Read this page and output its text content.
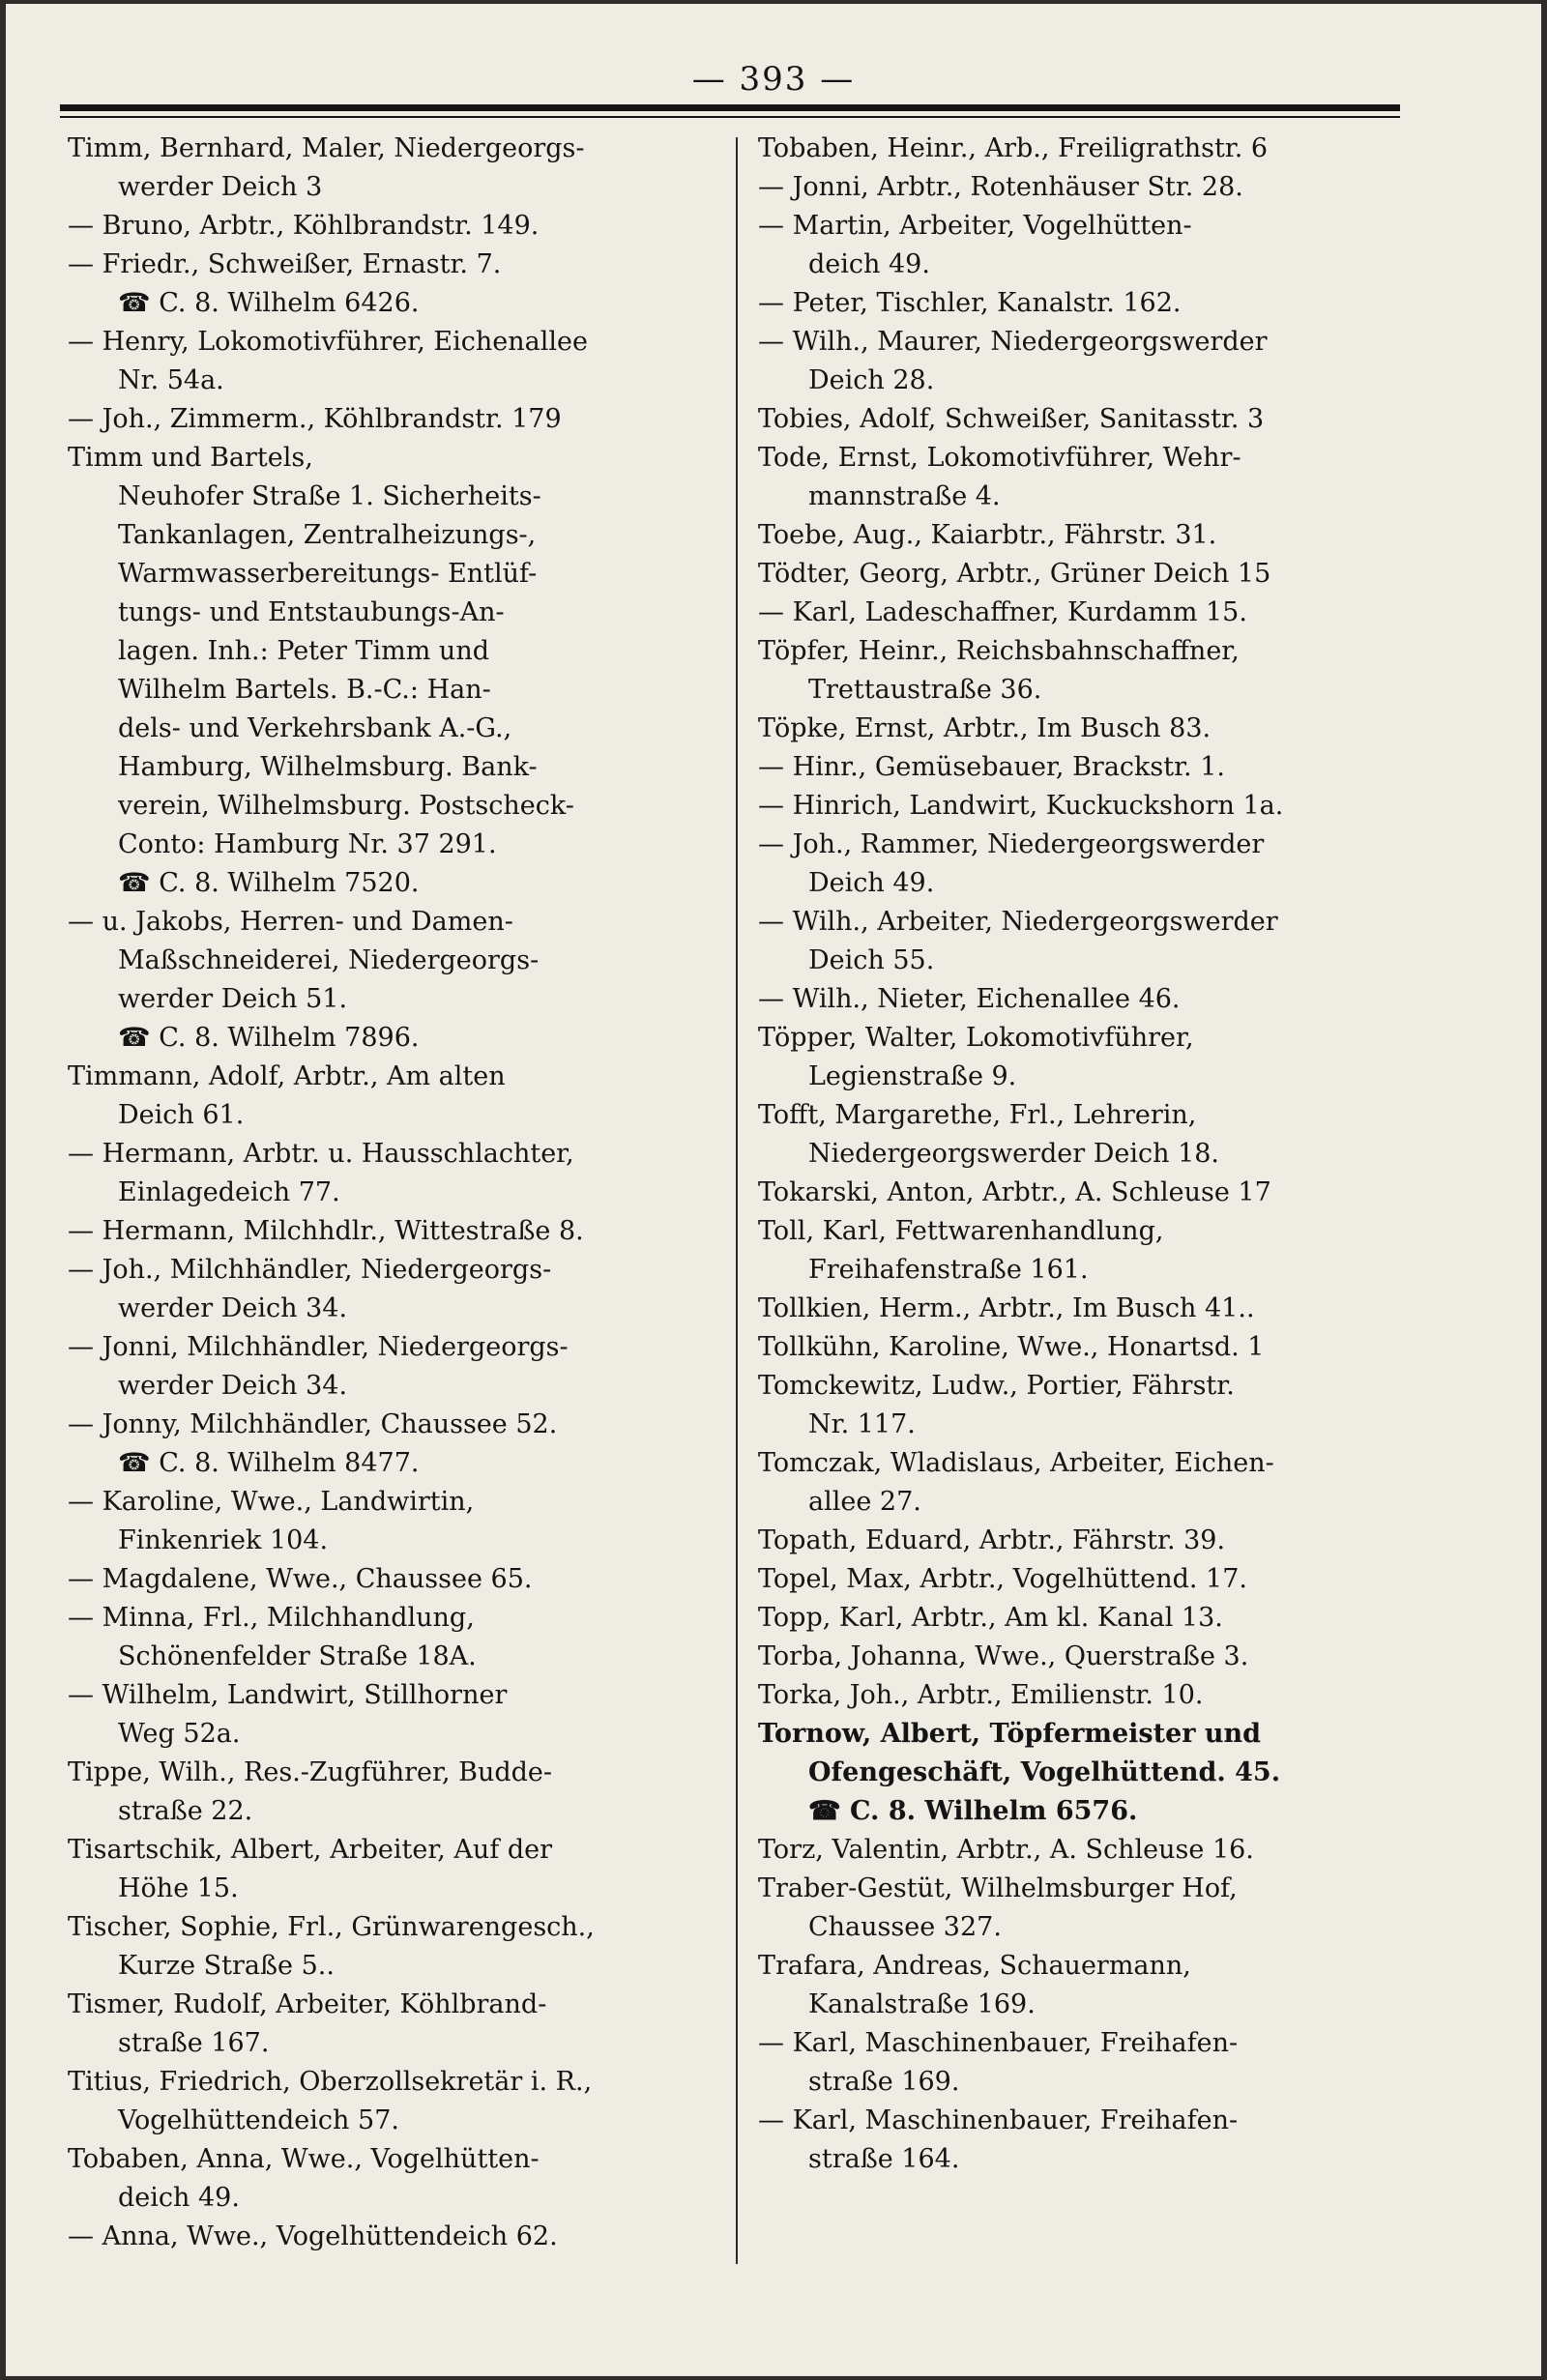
— 393 —
Timm, Bernhard, Maler, Niedergeorgs-
werder Deich 3
— Bruno, Arbtr., Köhlbrandstr. 149.
— Friedr., Schweißer, Ernastr. 7.
☎ C. 8. Wilhelm 6426.
— Henry, Lokomotivführer, Eichenallee
Nr. 54a.
— Joh., Zimmerm., Köhlbrandstr. 179
Timm und Bartels,
Neuhofer Straße 1. Sicherheits-
Tankanlagen, Zentralheizungs-,
Warmwasserbereitungs- Entlüf-
tungs- und Entstaubungs-An-
lagen. Inh.: Peter Timm und
Wilhelm Bartels. B.-C.: Han-
dels- und Verkehrsbank A.-G.,
Hamburg, Wilhelmsburg. Bank-
verein, Wilhelmsburg. Postscheck-
Conto: Hamburg Nr. 37 291.
☎ C. 8. Wilhelm 7520.
— u. Jakobs, Herren- und Damen-
Maßschneiderei, Niedergeorgs-
werder Deich 51.
☎ C. 8. Wilhelm 7896.
Timmann, Adolf, Arbtr., Am alten
Deich 61.
— Hermann, Arbtr. u. Hausschlachter,
Einlagedeich 77.
— Hermann, Milchhdlr., Wittestraße 8.
— Joh., Milchhändler, Niedergeorgs-
werder Deich 34.
— Jonni, Milchhändler, Niedergeorgs-
werder Deich 34.
— Jonny, Milchhändler, Chaussee 52.
☎ C. 8. Wilhelm 8477.
— Karoline, Wwe., Landwirtin,
Finkenriek 104.
— Magdalene, Wwe., Chaussee 65.
— Minna, Frl., Milchhandlung,
Schönenfelder Straße 18A.
— Wilhelm, Landwirt, Stillhorner
Weg 52a.
Tippe, Wilh., Res.-Zugführer, Budde-
straße 22.
Tisartschik, Albert, Arbeiter, Auf der
Höhe 15.
Tischer, Sophie, Frl., Grünwarengesch.,
Kurze Straße 5..
Tismer, Rudolf, Arbeiter, Köhlbrand-
straße 167.
Titius, Friedrich, Oberzollsekretär i. R.,
Vogelhüttendeich 57.
Tobaben, Anna, Wwe., Vogelhütten-
deich 49.
— Anna, Wwe., Vogelhüttendeich 62.
Tobaben, Heinr., Arb., Freiligrathstr. 6
— Jonni, Arbtr., Rotenhäuser Str. 28.
— Martin, Arbeiter, Vogelhütten-
deich 49.
— Peter, Tischler, Kanalstr. 162.
— Wilh., Maurer, Niedergeorgswerder
Deich 28.
Tobies, Adolf, Schweißer, Sanitasstr. 3
Tode, Ernst, Lokomotivführer, Wehr-
mannstraße 4.
Toebe, Aug., Kaiarbtr., Fährstr. 31.
Tödter, Georg, Arbtr., Grüner Deich 15
— Karl, Ladeschaffner, Kurdamm 15.
Töpfer, Heinr., Reichsbahnschaffner,
Trettaustraße 36.
Töpke, Ernst, Arbtr., Im Busch 83.
— Hinr., Gemüsebauer, Brackstr. 1.
— Hinrich, Landwirt, Kuckuckshorn 1a.
— Joh., Rammer, Niedergeorgswerder
Deich 49.
— Wilh., Arbeiter, Niedergeorgswerder
Deich 55.
— Wilh., Nieter, Eichenallee 46.
Töpper, Walter, Lokomotivführer,
Legienstraße 9.
Tofft, Margarethe, Frl., Lehrerin,
Niedergeorgswerder Deich 18.
Tokarski, Anton, Arbtr., A. Schleuse 17
Toll, Karl, Fettwarenhandlung,
Freihafenstraße 161.
Tollkien, Herm., Arbtr., Im Busch 41..
Tollkühn, Karoline, Wwe., Honartsd. 1
Tomckewitz, Ludw., Portier, Fährstr.
Nr. 117.
Tomczak, Wladislaus, Arbeiter, Eichen-
allee 27.
Topath, Eduard, Arbtr., Fährstr. 39.
Topel, Max, Arbtr., Vogelhüttend. 17.
Topp, Karl, Arbtr., Am kl. Kanal 13.
Torba, Johanna, Wwe., Querstraße 3.
Torka, Joh., Arbtr., Emilienstr. 10.
Tornow, Albert, Töpfermeister und
Ofengeschäft, Vogelhüttend. 45.
☎ C. 8. Wilhelm 6576.
Torz, Valentin, Arbtr., A. Schleuse 16.
Traber-Gestüt, Wilhelmsburger Hof,
Chaussee 327.
Trafara, Andreas, Schauermann,
Kanalstraße 169.
— Karl, Maschinenbauer, Freihafen-
straße 169.
— Karl, Maschinenbauer, Freihafen-
straße 164.
